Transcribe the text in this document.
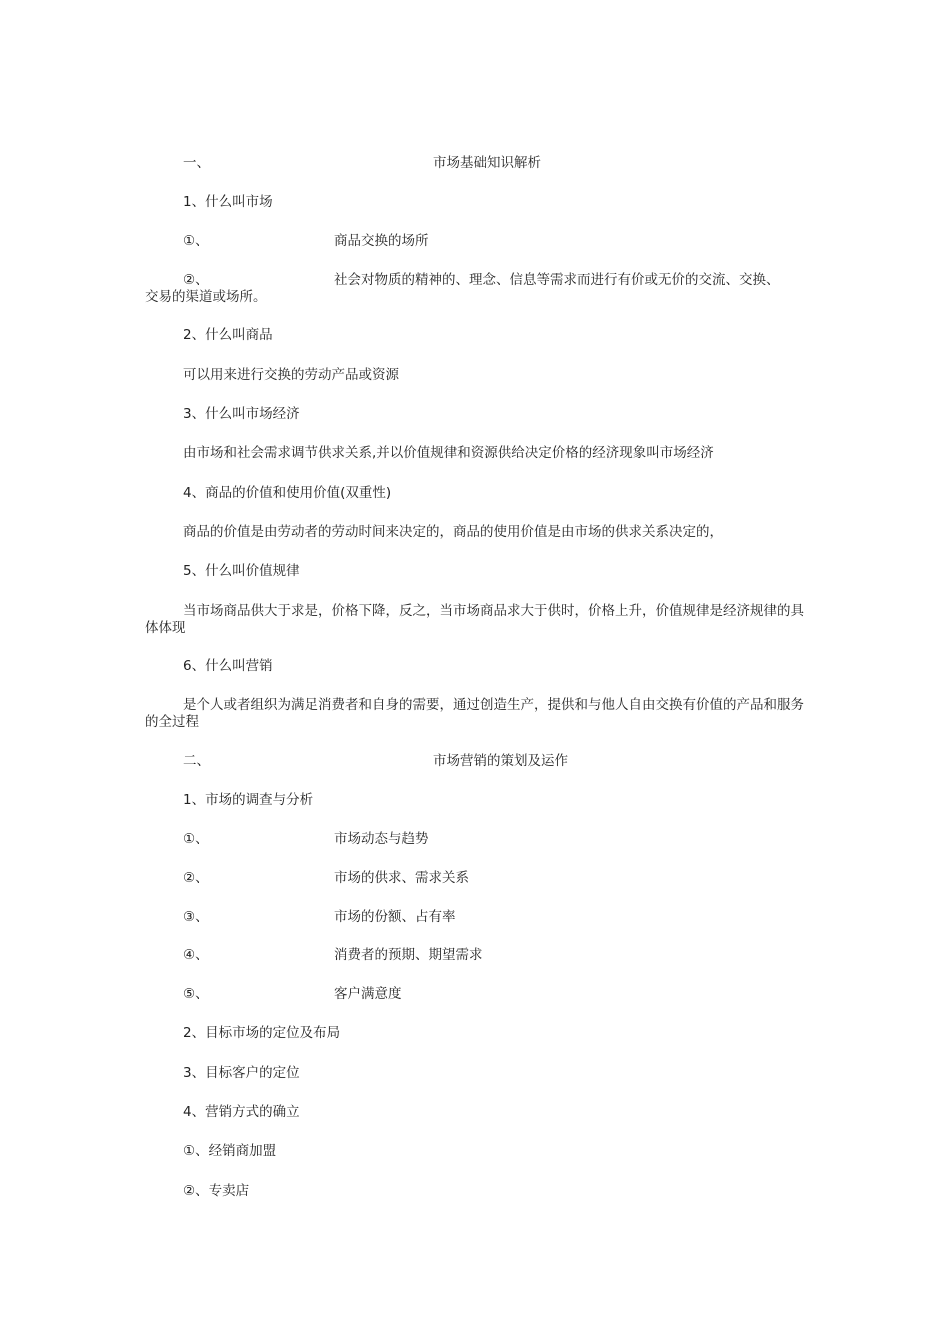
一、	市场基础知识解析
1、什么叫市场
①、	商品交换的场所
②、	社会对物质的精神的、理念、信息等需求而进行有价或无价的交流、交换、
交易的渠道或场所。
2、什么叫商品
可以用来进行交换的劳动产品或资源
3、什么叫市场经济
由市场和社会需求调节供求关系,并以价值规律和资源供给决定价格的经济现象叫市场经济
4、商品的价值和使用价值(双重性)
商品的价值是由劳动者的劳动时间来决定的，商品的使用价值是由市场的供求关系决定的，
5、什么叫价值规律
当市场商品供大于求是，价格下降，反之，当市场商品求大于供时，价格上升，价值规律是经济规律的具体体现
6、什么叫营销
是个人或者组织为满足消费者和自身的需要，通过创造生产，提供和与他人自由交换有价值的产品和服务的全过程
二、	市场营销的策划及运作
1、市场的调查与分析
①、	市场动态与趋势
②、	市场的供求、需求关系
③、	市场的份额、占有率
④、	消费者的预期、期望需求
⑤、	客户满意度
2、目标市场的定位及布局
3、目标客户的定位
4、营销方式的确立
①、经销商加盟
②、专卖店
